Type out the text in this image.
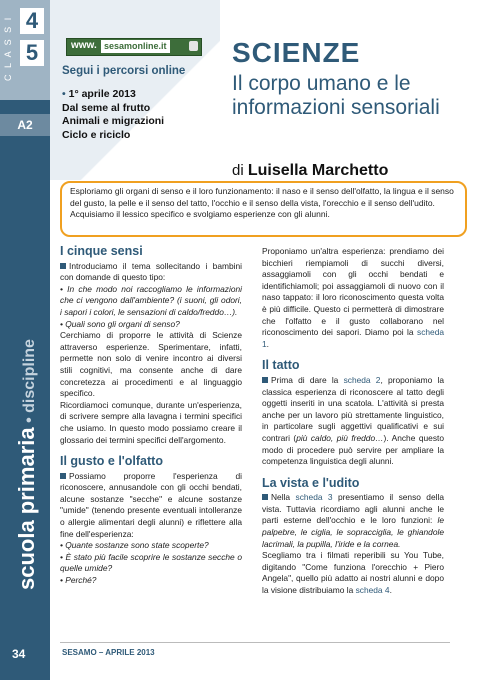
C L A S S I 4
5
A2
scuola primaria • discipline
34
www. sesamonline.it
Segui i percorsi online
• 1° aprile 2013
Dal seme al frutto
Animali e migrazioni
Ciclo e riciclo
SCIENZE
Il corpo umano e le informazioni sensoriali
di Luisella Marchetto
Esploriamo gli organi di senso e il loro funzionamento: il naso e il senso dell'olfatto, la lingua e il senso del gusto, la pelle e il senso del tatto, l'occhio e il senso della vista, l'orecchio e il senso dell'udito. Acquisiamo il lessico specifico e svolgiamo esperienze con gli alunni.
I cinque sensi

Introduciamo il tema sollecitando i bambini con domande di questo tipo:

• In che modo noi raccogliamo le informazioni che ci vengono dall'ambiente? (i suoni, gli odori, i sapori i colori, le sensazioni di caldo/freddo…).

• Quali sono gli organi di senso?

Cerchiamo di proporre le attività di Scienze attraverso esperienze. Sperimentare, infatti, permette non solo di venire incontro ai diversi stili cognitivi, ma consente anche di dare concretezza ai procedimenti e al linguaggio specifico.

Ricordiamoci comunque, durante un'esperienza, di scrivere sempre alla lavagna i termini specifici che usiamo. In questo modo possiamo creare il glossario dei termini specifici dell'argomento.

Il gusto e l'olfatto

Possiamo proporre l'esperienza di riconoscere, annusandole con gli occhi bendati, alcune sostanze "secche" e alcune sostanze "umide" (tenendo presente eventuali intolleranze o allergie alimentari degli alunni) e riflettere alla fine dell'esperienza:

• Quante sostanze sono state scoperte?

• È stato più facile scoprire le sostanze secche o quelle umide?

• Perché?

Proponiamo un'altra esperienza: prendiamo dei bicchieri riempiamoli di succhi diversi, assaggiamoli con gli occhi bendati e identifichiamoli; poi assaggiamoli di nuovo con il naso tappato: il loro riconoscimento questa volta è più difficile. Questo ci permetterà di dimostrare che l'olfatto e il gusto collaborano nel riconoscimento dei sapori. Diamo poi la scheda 1.

Il tatto

Prima di dare la scheda 2, proponiamo la classica esperienza di riconoscere al tatto degli oggetti inseriti in una scatola. L'attività si presta anche per un lavoro più strettamente linguistico, in particolare sugli aggettivi qualificativi e sui contrari (più caldo, più freddo…). Anche questo modo di procedere può servire per ampliare la competenza linguistica degli alunni.

La vista e l'udito

Nella scheda 3 presentiamo il senso della vista. Tuttavia ricordiamo agli alunni anche le parti esterne dell'occhio e le loro funzioni: le palpebre, le ciglia, le sopracciglia, le ghiandole lacrimali, la pupilla, l'iride e la cornea.

Scegliamo tra i filmati reperibili su You Tube, digitando "Come funziona l'orecchio + Piero Angela", quello più adatto ai nostri alunni e dopo la visione distribuiamo la scheda 4.

SESAMO – APRILE 2013
